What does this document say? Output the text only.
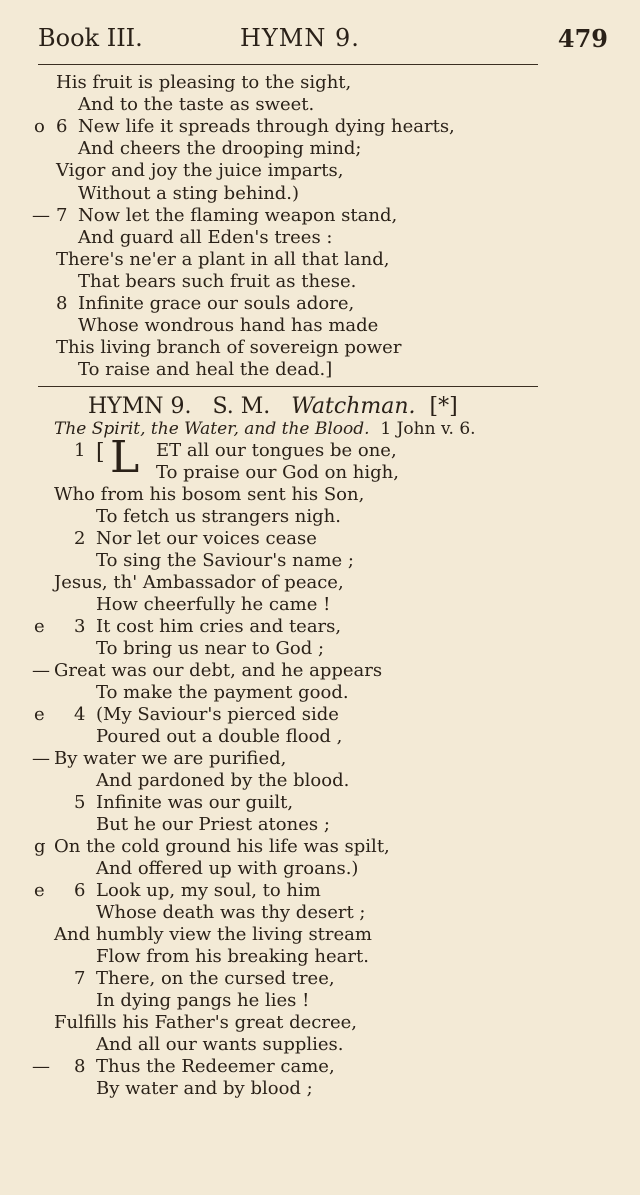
Book III.	HYMN 9.	479
His fruit is pleasing to the sight,
And to the taste as sweet.
o 6 New life it spreads through dying hearts,
And cheers the drooping mind;
Vigor and joy the juice imparts,
Without a sting behind.)
— 7 Now let the flaming weapon stand,
And guard all Eden's trees :
There's ne'er a plant in all that land,
That bears such fruit as these.
8 Infinite grace our souls adore,
Whose wondrous hand has made
This living branch of sovereign power
To raise and heal the dead.]
HYMN 9. S. M. Watchman. [*]
The Spirit, the Water, and the Blood. 1 John v. 6.
1 [ L ET all our tongues be one,
To praise our God on high,
Who from his bosom sent his Son,
To fetch us strangers nigh.
2 Nor let our voices cease
To sing the Saviour's name ;
Jesus, th' Ambassador of peace,
How cheerfully he came !
e 3 It cost him cries and tears,
To bring us near to God ;
— Great was our debt, and he appears
To make the payment good.
e 4 (My Saviour's pierced side
Poured out a double flood ,
— By water we are purified,
And pardoned by the blood.
5 Infinite was our guilt,
But he our Priest atones ;
g On the cold ground his life was spilt,
And offered up with groans.)
e 6 Look up, my soul, to him
Whose death was thy desert ;
And humbly view the living stream
Flow from his breaking heart.
7 There, on the cursed tree,
In dying pangs he lies !
Fulfills his Father's great decree,
And all our wants supplies.
— 8 Thus the Redeemer came,
By water and by blood ;
